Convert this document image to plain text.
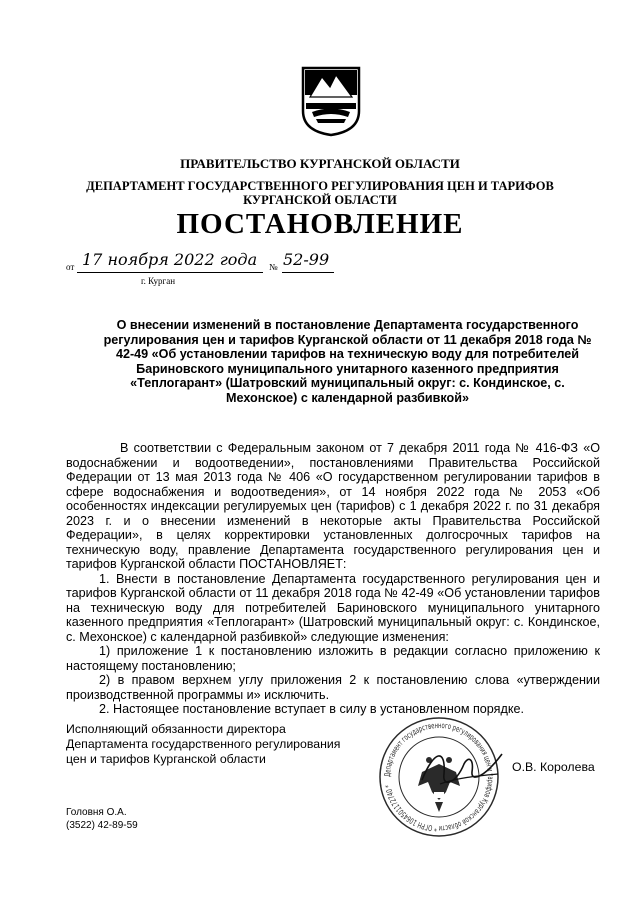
ПРАВИТЕЛЬСТВО КУРГАНСКОЙ ОБЛАСТИ
ДЕПАРТАМЕНТ ГОСУДАРСТВЕННОГО РЕГУЛИРОВАНИЯ ЦЕН И ТАРИФОВ
КУРГАНСКОЙ ОБЛАСТИ
ПОСТАНОВЛЕНИЕ
от 17 ноября 2022 года № 52-99
г. Курган
О внесении изменений в постановление Департамента государственного регулирования цен и тарифов Курганской области от 11 декабря 2018 года № 42-49 «Об установлении тарифов на техническую воду для потребителей Бариновского муниципального унитарного казенного предприятия «Теплогарант» (Шатровский муниципальный округ: с. Кондинское, с. Мехонское) с календарной разбивкой»

В соответствии с Федеральным законом от 7 декабря 2011 года № 416-ФЗ «О водоснабжении и водоотведении», постановлениями Правительства Российской Федерации от 13 мая 2013 года № 406 «О государственном регулировании тарифов в сфере водоснабжения и водоотведения», от 14 ноября 2022 года № 2053 «Об особенностях индексации регулируемых цен (тарифов) с 1 декабря 2022 г. по 31 декабря 2023 г. и о внесении изменений в некоторые акты Правительства Российской Федерации», в целях корректировки установленных долгосрочных тарифов на техническую воду, правление Департамента государственного регулирования цен и тарифов Курганской области ПОСТАНОВЛЯЕТ:

1. Внести в постановление Департамента государственного регулирования цен и тарифов Курганской области от 11 декабря 2018 года № 42-49 «Об установлении тарифов на техническую воду для потребителей Бариновского муниципального унитарного казенного предприятия «Теплогарант» (Шатровский муниципальный округ: с. Кондинское, с. Мехонское) с календарной разбивкой» следующие изменения:

1) приложение 1 к постановлению изложить в редакции согласно приложению к настоящему постановлению;

2) в правом верхнем углу приложения 2 к постановлению слова «утверждении производственной программы и» исключить.

2. Настоящее постановление вступает в силу в установленном порядке.

Департамент государственного регулирования цен и тарифов Курганской области * ОГРН 1064501172740 *
Исполняющий обязанности директора
Департамента государственного регулирования
цен и тарифов Курганской области
О.В. Королева
Головня О.А.
(3522) 42-89-59
